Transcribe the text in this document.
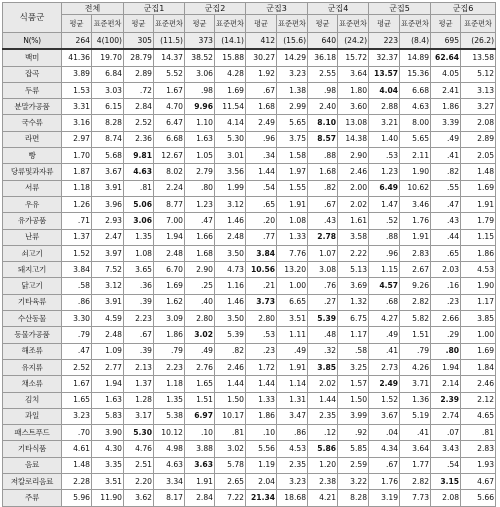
식품군	전체		군집1		군집2		군집3		군집4		군집5		군집6	
	평균	표준편차	평균	표준편차	평균	표준편차	평균	표준편차	평균	표준편차	평균	표준편차	평균	표준편차
N(%)	264	4(100)	305	(11.5)	373	(14.1)	412	(15.6)	640	(24.2)	223	(8.4)	695	(26.2)
백미	41.36	19.70	28.79	14.37	38.52	15.88	30.27	14.29	36.18	15.72	32.37	14.89	62.64	13.58
잡곡	3.89	6.84	2.89	5.52	3.06	4.28	1.92	3.23	2.55	3.64	13.57	15.36	4.05	5.12
두류	1.53	3.03	.72	1.67	.98	1.69	.67	1.38	.98	1.80	4.04	6.68	2.41	3.13
분말가공품	3.31	6.15	2.84	4.70	9.96	11.54	1.68	2.99	2.40	3.60	2.88	4.63	1.86	3.27
국수류	3.16	8.28	2.52	6.47	1.10	4.14	2.49	5.65	8.10	13.08	3.21	8.00	3.39	2.08
라면	2.97	8.74	2.36	6.68	1.63	5.30	.96	3.75	8.57	14.38	1.40	5.65	.49	2.89
빵	1.70	5.68	9.81	12.67	1.05	3.01	.34	1.58	.88	2.90	.53	2.11	.41	2.05
당류및과자류	1.87	3.67	4.63	8.02	2.79	3.56	1.44	1.97	1.68	2.46	1.23	1.90	.82	1.48
서류	1.18	3.91	.81	2.24	.80	1.99	.54	1.55	.82	2.00	6.49	10.62	.55	1.69
우유	1.26	3.96	5.06	8.77	1.23	3.12	.65	1.91	.67	2.02	1.47	3.46	.47	1.91
유가공품	.71	2.93	3.06	7.00	.47	1.46	.20	1.08	.43	1.61	.52	1.76	.43	1.79
난류	1.37	2.47	1.35	1.94	1.66	2.48	.77	1.33	2.78	3.58	.88	1.91	.44	1.15
쇠고기	1.52	3.97	1.08	2.48	1.68	3.50	3.84	7.76	1.07	2.22	.96	2.83	.65	1.86
돼지고기	3.84	7.52	3.65	6.70	2.90	4.73	10.56	13.20	3.08	5.13	1.15	2.67	2.03	4.53
닭고기	.58	3.12	.36	1.69	.25	1.16	.21	1.00	.76	3.69	4.57	9.26	.16	1.90
기타육류	.86	3.91	.39	1.62	.40	1.46	3.73	6.65	.27	1.32	.68	2.82	.23	1.17
수산동물	3.30	4.59	2.23	3.09	2.80	3.50	2.80	3.51	5.39	6.75	4.27	5.82	2.66	3.85
동물가공품	.79	2.48	.67	1.86	3.02	5.39	.53	1.11	.48	1.17	.49	1.51	.29	1.00
해조류	.47	1.09	.39	.79	.49	.82	.23	.49	.32	.58	.41	.79	.80	1.69
유지류	2.52	2.77	2.13	2.23	2.76	2.46	1.72	1.91	3.85	3.25	2.73	4.26	1.94	1.84
채소류	1.67	1.94	1.37	1.18	1.65	1.44	1.44	1.14	2.02	1.57	2.49	3.71	2.14	2.46
김치	1.65	1.63	1.28	1.35	1.51	1.50	1.33	1.31	1.44	1.50	1.52	1.36	2.39	2.12
과일	3.23	5.83	3.17	5.38	6.97	10.17	1.86	3.47	2.35	3.99	3.67	5.19	2.74	4.65
패스트푸드	.70	3.90	5.30	10.12	.10	.81	.10	.86	.12	.92	.04	.41	.07	.81
기타식품	4.61	4.30	4.76	4.98	3.88	3.02	5.56	4.53	5.86	5.85	4.34	3.64	3.43	2.83
음료	1.48	3.35	2.51	4.63	3.63	5.78	1.19	2.35	1.20	2.59	.67	1.77	.54	1.93
저칼로리음료	2.28	3.51	2.20	3.34	1.91	2.65	2.04	3.23	2.38	3.22	1.76	2.82	3.15	4.67
주류	5.96	11.90	3.62	8.17	2.84	7.22	21.34	18.68	4.21	8.28	3.19	7.73	2.08	5.66
